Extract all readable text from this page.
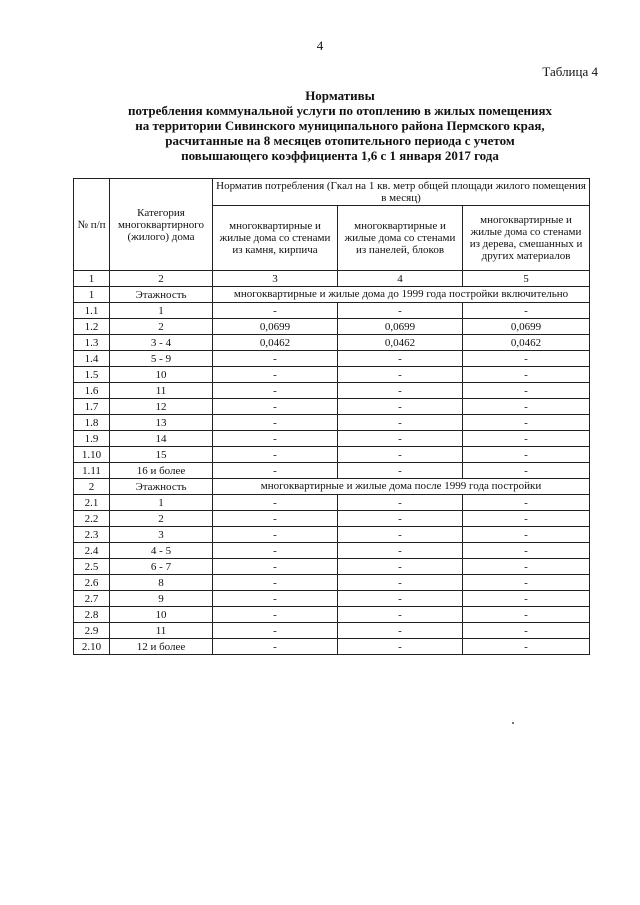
4
Таблица 4
Нормативы
потребления коммунальной услуги по отоплению в жилых помещениях
на территории Сивинского муниципального района Пермского края,
расчитанные на 8 месяцев отопительного периода с учетом
повышающего коэффициента 1,6 с 1 января 2017 года
№ п/п	Категория многоквартирного (жилого) дома	Норматив потребления (Гкал на 1 кв. метр общей площади жилого помещения в месяц)		
		многоквартирные и жилые дома со стенами из камня, кирпича	многоквартирные и жилые дома со стенами из панелей, блоков	многоквартирные и жилые дома со стенами из дерева, смешанных и других материалов
1	2	3	4	5
1	Этажность	многоквартирные и жилые дома до 1999 года постройки включительно		
1.1	1	-	-	-
1.2	2	0,0699	0,0699	0,0699
1.3	3 - 4	0,0462	0,0462	0,0462
1.4	5 - 9	-	-	-
1.5	10	-	-	-
1.6	11	-	-	-
1.7	12	-	-	-
1.8	13	-	-	-
1.9	14	-	-	-
1.10	15	-	-	-
1.11	16 и более	-	-	-
2	Этажность	многоквартирные и жилые дома после 1999 года постройки		
2.1	1	-	-	-
2.2	2	-	-	-
2.3	3	-	-	-
2.4	4 - 5	-	-	-
2.5	6 - 7	-	-	-
2.6	8	-	-	-
2.7	9	-	-	-
2.8	10	-	-	-
2.9	11	-	-	-
2.10	12 и более	-	-	-
